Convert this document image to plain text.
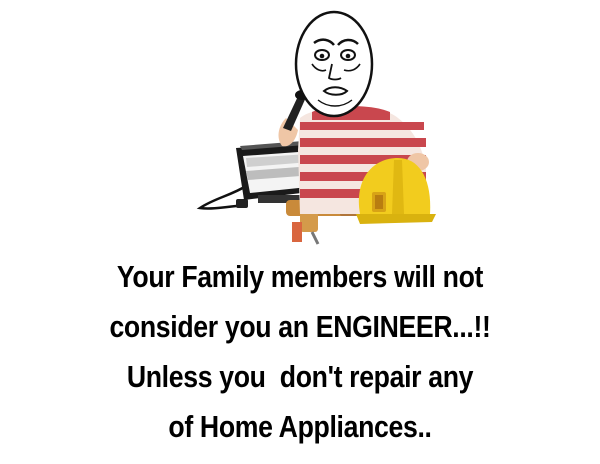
Your Family members will not
consider you an ENGINEER...!!
Unless you  don't repair any
of Home Appliances..
